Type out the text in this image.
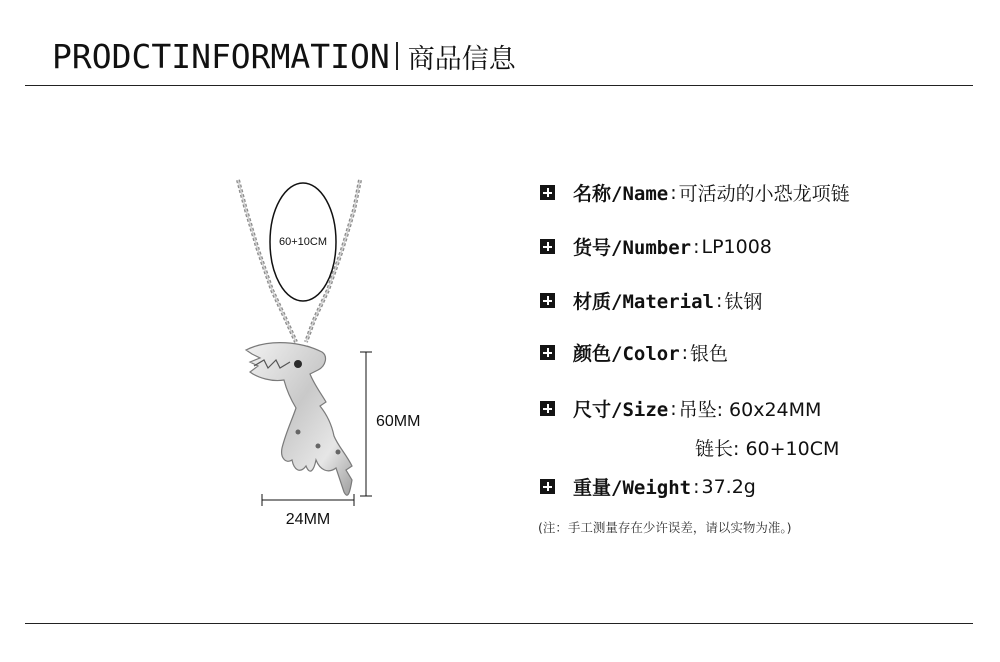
PRODCTINFORMATION 商品信息
60+10CM
60MM
24MM
名称/Name : 可活动的小恐龙项链
货号/Number : LP1008
材质/Material : 钛钢
颜色/Color : 银色
尺寸/Size : 吊坠: 60x24MM
链长: 60+10CM
重量/Weight : 37.2g
(注：手工测量存在少许误差，请以实物为准。)
